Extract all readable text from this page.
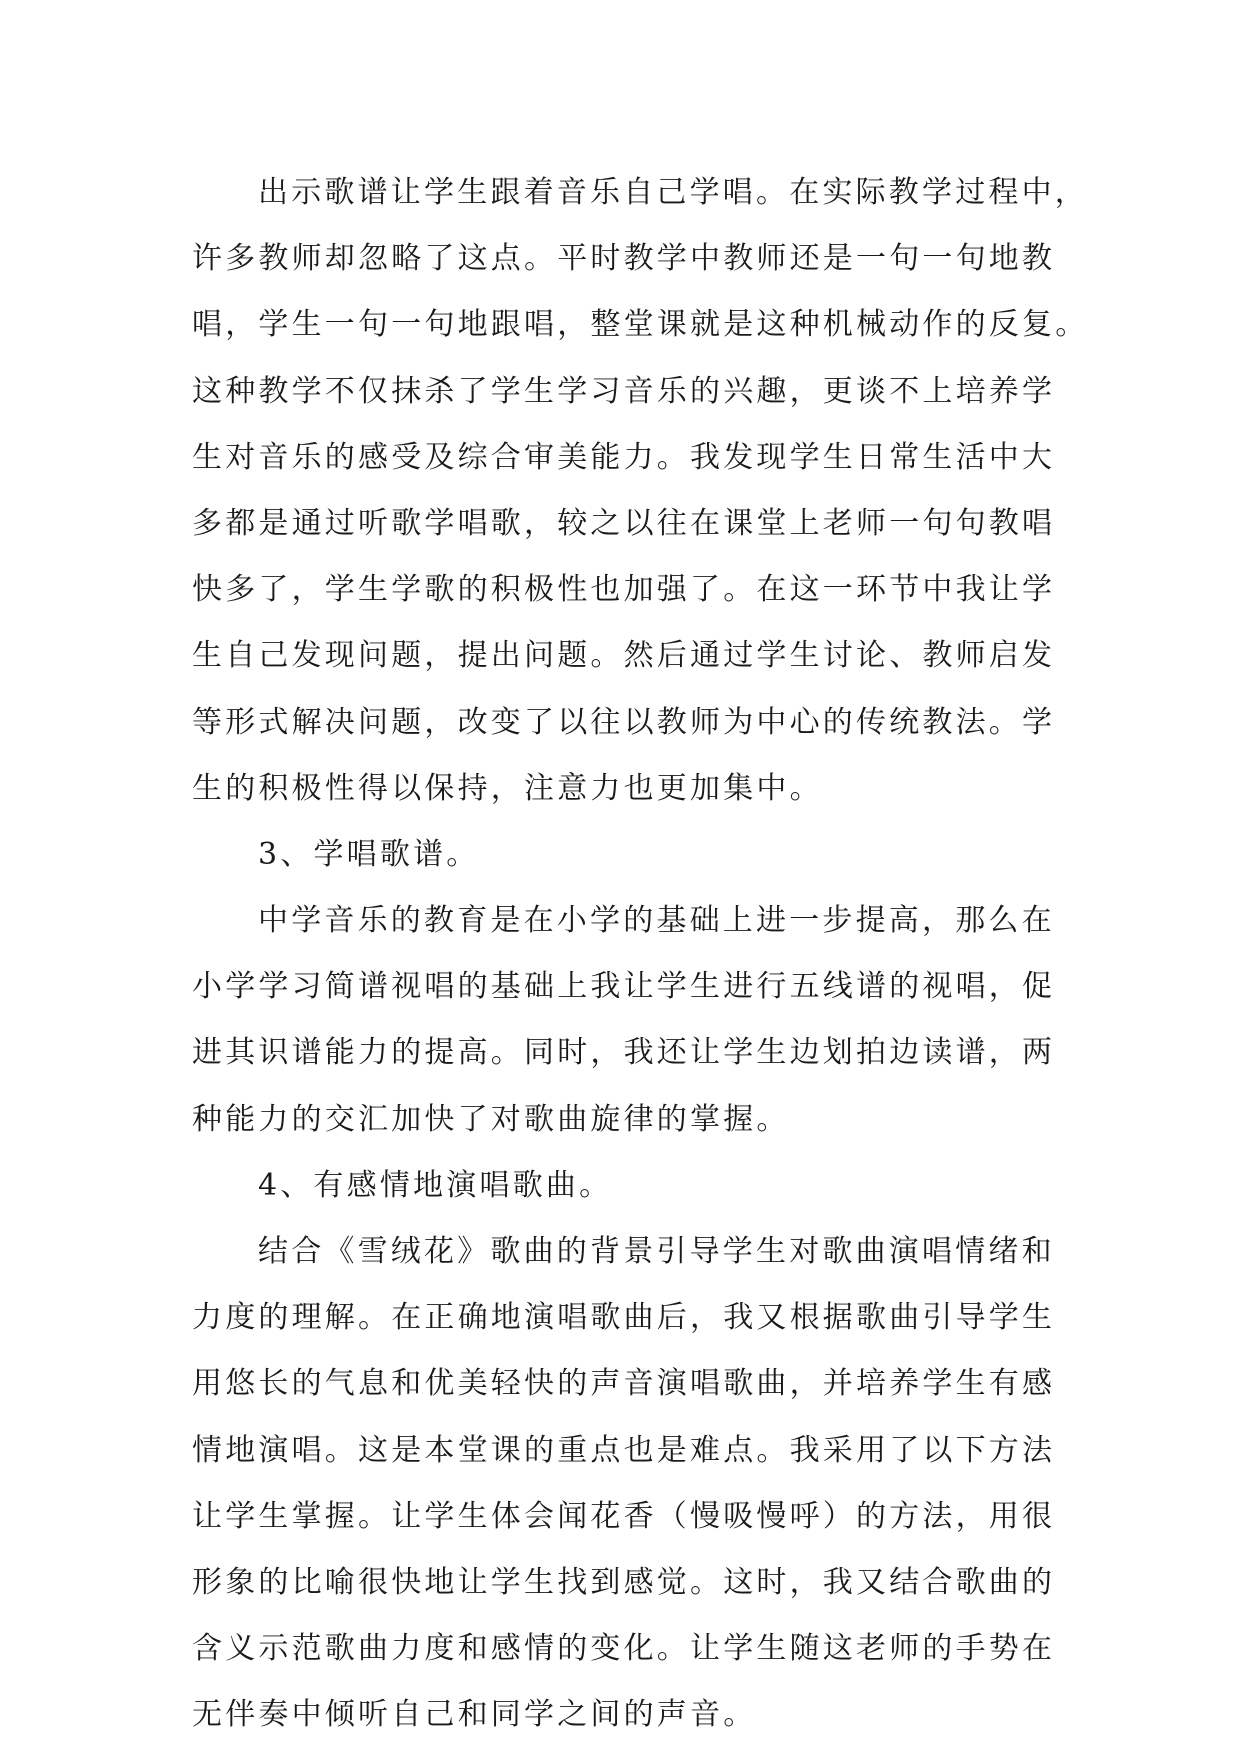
出示歌谱让学生跟着音乐自己学唱。在实际教学过程中，
许多教师却忽略了这点。平时教学中教师还是一句一句地教
唱，学生一句一句地跟唱，整堂课就是这种机械动作的反复。
这种教学不仅抹杀了学生学习音乐的兴趣，更谈不上培养学
生对音乐的感受及综合审美能力。我发现学生日常生活中大
多都是通过听歌学唱歌，较之以往在课堂上老师一句句教唱
快多了，学生学歌的积极性也加强了。在这一环节中我让学
生自己发现问题，提出问题。然后通过学生讨论、教师启发
等形式解决问题，改变了以往以教师为中心的传统教法。学
生的积极性得以保持，注意力也更加集中。
3、学唱歌谱。
中学音乐的教育是在小学的基础上进一步提高，那么在
小学学习简谱视唱的基础上我让学生进行五线谱的视唱，促
进其识谱能力的提高。同时，我还让学生边划拍边读谱，两
种能力的交汇加快了对歌曲旋律的掌握。
4、有感情地演唱歌曲。
结合《雪绒花》歌曲的背景引导学生对歌曲演唱情绪和
力度的理解。在正确地演唱歌曲后，我又根据歌曲引导学生
用悠长的气息和优美轻快的声音演唱歌曲，并培养学生有感
情地演唱。这是本堂课的重点也是难点。我采用了以下方法
让学生掌握。让学生体会闻花香（慢吸慢呼）的方法，用很
形象的比喻很快地让学生找到感觉。这时，我又结合歌曲的
含义示范歌曲力度和感情的变化。让学生随这老师的手势在
无伴奏中倾听自己和同学之间的声音。
